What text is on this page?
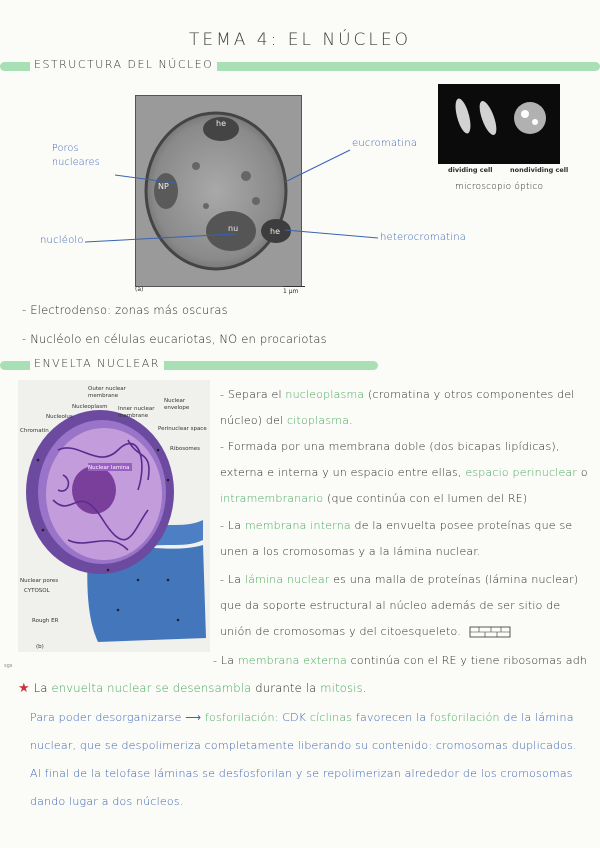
TEMA 4: EL NÚCLEO
ESTRUCTURA DEL NÚCLEO
he
NP
nu	he
(a)	1 μm
Poros
nucleares
eucromatina
nucléolo	heterocromatina
dividing cell	nondividing cell
microscopio óptico
- Electrodenso: zonas más oscuras
- Nucléolo en células eucariotas, NO en procariotas
ENVELTA NUCLEAR
Outer nuclear membrane
Nuclear envelope
Nucleoplasm Inner nuclear membrane
Nucleolus
Perinuclear space
Chromatin
Ribosomes
Nuclear lamina
Nuclear pores
CYTOSOL
Rough ER
(b)
sgs
- Separa el nucleoplasma (cromatina y otros componentes del núcleo) del citoplasma.
- Formada por una membrana doble (dos bicapas lipídicas), externa e interna y un espacio entre ellas, espacio perinuclear o intramembranario (que continúa con el lumen del RE)
- La membrana interna de la envuelta posee proteínas que se unen a los cromosomas y a la lámina nuclear.
- La lámina nuclear es una malla de proteínas (lámina nuclear) que da soporte estructural al núcleo además de ser sitio de unión de cromosomas y del citoesqueleto.
- La membrana externa continúa con el RE y tiene ribosomas adh
★ La envuelta nuclear se desensambla durante la mitosis.
Para poder desorganizarse ⟶ fosforilación: CDK cíclinas favorecen la fosforilación de la lámina nuclear, que se despolimeriza completamente liberando su contenido: cromosomas duplicados. Al final de la telofase láminas se desfosforilan y se repolimerizan alrededor de los cromosomas dando lugar a dos núcleos.
